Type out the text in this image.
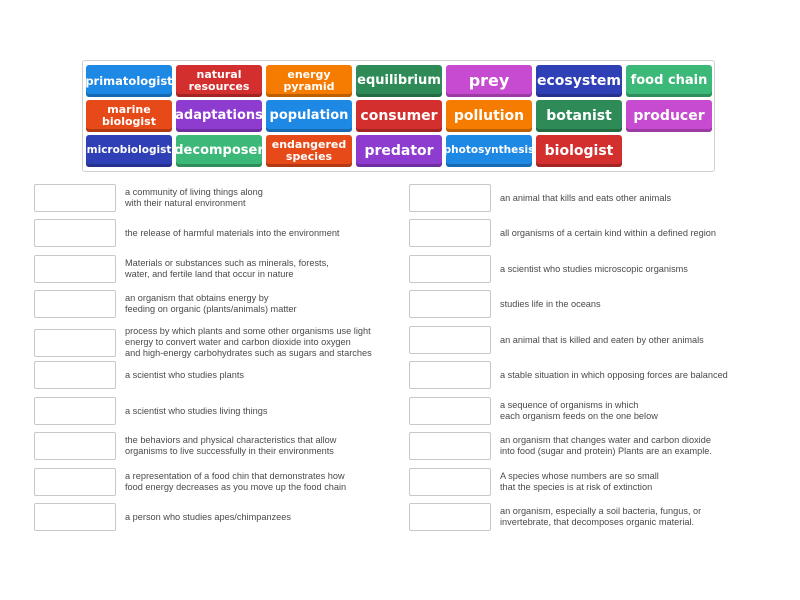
primatologist	natural
resources
energy
pyramid	equilibrium	prey	ecosystem food chain
marine
biologist	adaptations population consumer	pollution	botanist	producer
microbiologist decomposer endangered
species	predator photosynthesis biologist
a community of living things along
with their natural environment
the release of harmful materials into the environment
Materials or substances such as minerals, forests,
water, and fertile land that occur in nature
an organism that obtains energy by
feeding on organic (plants/animals) matter
process by which plants and some other organisms use light
energy to convert water and carbon dioxide into oxygen
and high-energy carbohydrates such as sugars and starches
a scientist who studies plants
a scientist who studies living things
the behaviors and physical characteristics that allow
organisms to live successfully in their environments
a representation of a food chin that demonstrates how
food energy decreases as you move up the food chain
a person who studies apes/chimpanzees
an animal that kills and eats other animals
all organisms of a certain kind within a defined region
a scientist who studies microscopic organisms
studies life in the oceans
an animal that is killed and eaten by other animals
a stable situation in which opposing forces are balanced
a sequence of organisms in which
each organism feeds on the one below
an organism that changes water and carbon dioxide
into food (sugar and protein) Plants are an example.
A species whose numbers are so small
that the species is at risk of extinction
an organism, especially a soil bacteria, fungus, or
invertebrate, that decomposes organic material.
